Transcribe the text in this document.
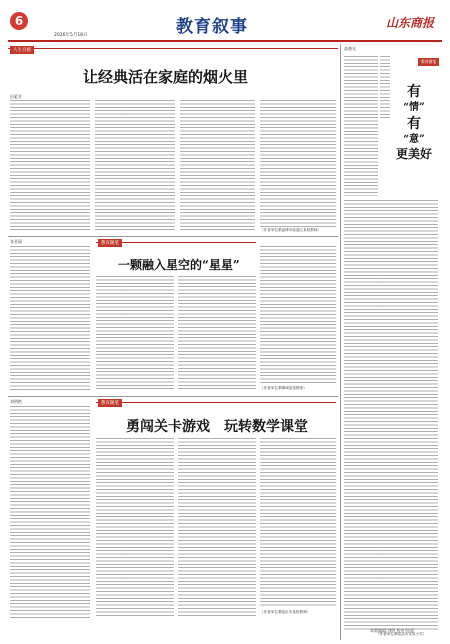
6
2026年5月18日	教育叙事	山东商报
人生百感
让经典活在家庭的烟火里
田素芳
（作者单位系淄博市临淄区某校教师）
高晓光
教育随笔
有
“情”
有
“意”
更美好
（作者单位系临清市实验小学）
张亚丽	教育随笔
一颗融入星空的“星星”
（作者单位系聊城某校教师）
刘明艳	教育随笔
勇闯关卡游戏　玩转数学课堂
（作者单位系临沂市某校教师）
本版编辑:刘明 校对:孙蕾
